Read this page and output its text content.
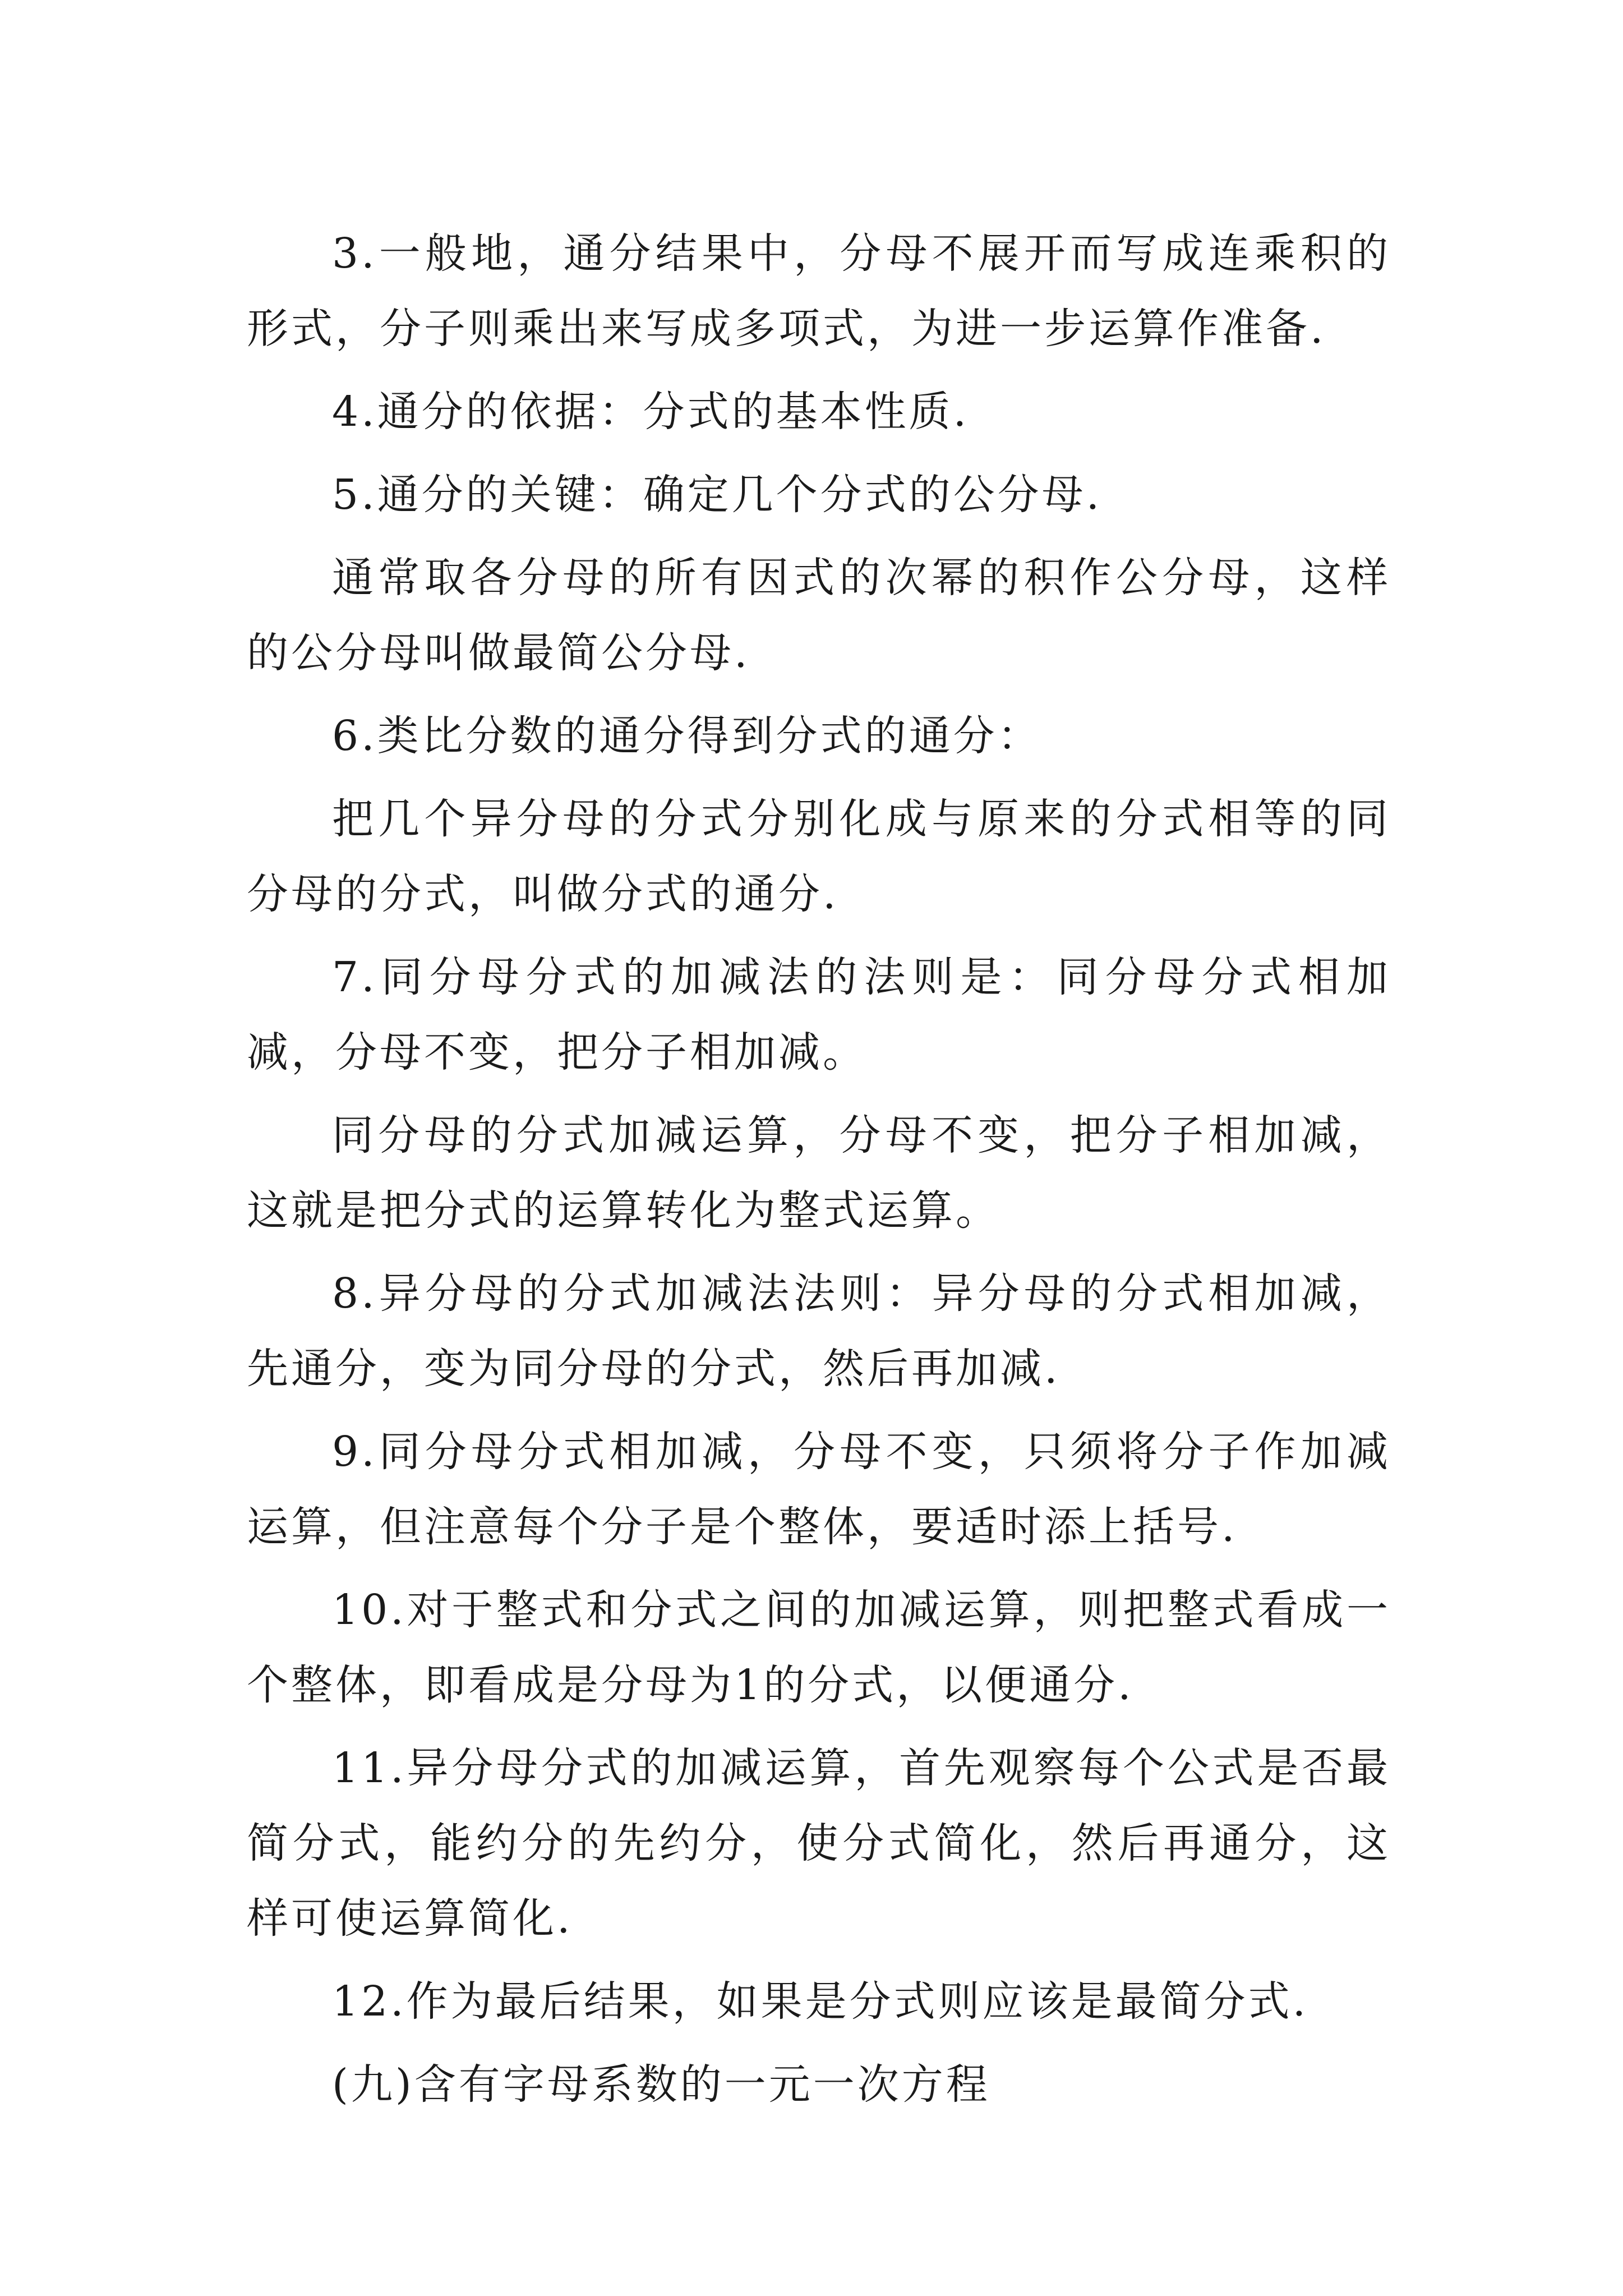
3.一般地，通分结果中，分母不展开而写成连乘积的形式，分子则乘出来写成多项式，为进一步运算作准备.

4.通分的依据：分式的基本性质.

5.通分的关键：确定几个分式的公分母.

通常取各分母的所有因式的次幂的积作公分母，这样的公分母叫做最简公分母.

6.类比分数的通分得到分式的通分：

把几个异分母的分式分别化成与原来的分式相等的同分母的分式，叫做分式的通分.

7.同分母分式的加减法的法则是：同分母分式相加减，分母不变，把分子相加减。

同分母的分式加减运算，分母不变，把分子相加减，这就是把分式的运算转化为整式运算。

8.异分母的分式加减法法则：异分母的分式相加减，先通分，变为同分母的分式，然后再加减.

9.同分母分式相加减，分母不变，只须将分子作加减运算，但注意每个分子是个整体，要适时添上括号.

10.对于整式和分式之间的加减运算，则把整式看成一个整体，即看成是分母为1的分式，以便通分.

11.异分母分式的加减运算，首先观察每个公式是否最简分式，能约分的先约分，使分式简化，然后再通分，这样可使运算简化.

12.作为最后结果，如果是分式则应该是最简分式.

(九)含有字母系数的一元一次方程
